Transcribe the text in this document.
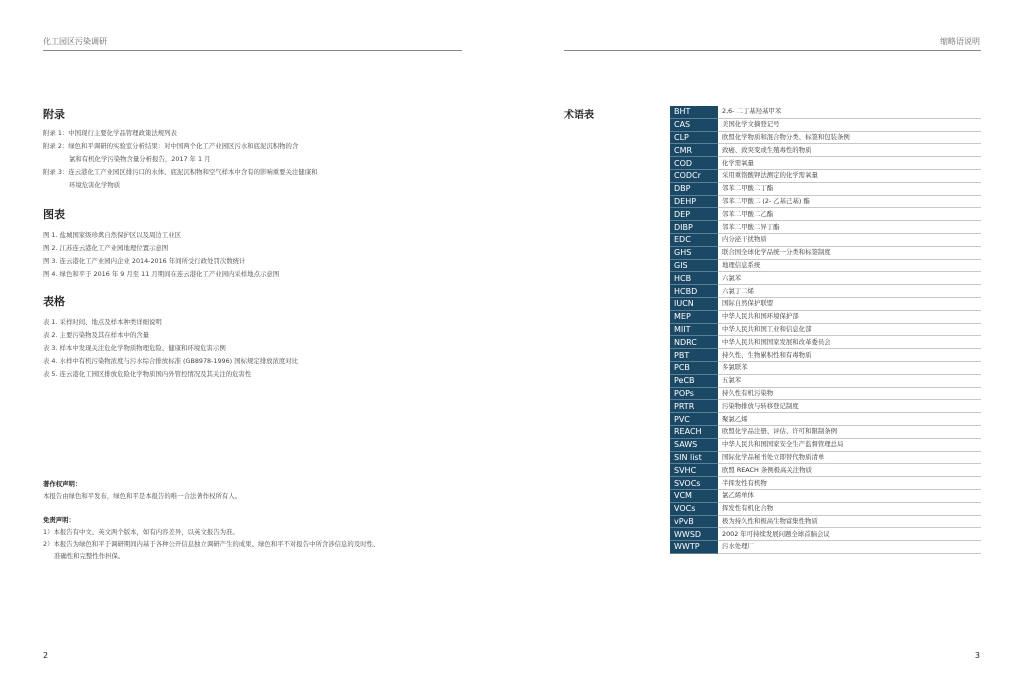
化工园区污染调研	缩略语说明
附录
附录 1：中国现行主要化学品管理政策法规列表
附录 2：绿色和平调研的实验室分析结果：对中国两个化工产业园区污水和底泥沉积物的含
氯和有机化学污染物含量分析报告，2017 年 1 月
附录 3：连云港化工产业园区排污口的水体、底泥沉积物和空气样本中含有的影响重要关注健康和
环境危害化学物质
图表
图 1. 盐城国家级珍禽自然保护区以及周边工业区
图 2. 江苏连云港化工产业园地理位置示意图
图 3. 连云港化工产业园内企业 2014-2016 年间所受行政处罚次数统计
图 4. 绿色和平于 2016 年 9 月至 11 月期间在连云港化工产业园内采样地点示意图
表格
表 1. 采样时间、地点及样本种类详细说明
表 2. 主要污染物及其在样本中的含量
表 3. 样本中发现关注危化学物质物理危险、健康和环境危害示例
表 4. 水样中有机污染物浓度与污水综合排放标准 (GB8978-1996) 国标规定排放浓度对比
表 5. 连云港化工园区排放危险化学物质国内外管控情况及其关注的危害性
著作权声明：
本报告由绿色和平发布，绿色和平是本报告的唯一合法著作权所有人。
免责声明：
1）本报告有中文、英文两个版本，如有内容差异，以英文报告为准。
2）本报告为绿色和平于调研期间内基于各种公开信息独立调研产生的成果。绿色和平不对报告中所含涉信息的及时性、
准确性和完整性作担保。
术语表	BHT	2,6- 二丁基羟基甲苯
CAS	美国化学文摘登记号
CLP	欧盟化学物质和混合物分类、标签和包装条例
CMR	致癌、致突变或生殖毒性的物质
COD	化学需氧量
CODCr	采用重铬酸钾法测定的化学需氧量
DBP	邻苯二甲酸二丁酯
DEHP	邻苯二甲酸二 (2- 乙基己基) 酯
DEP	邻苯二甲酸二乙酯
DIBP	邻苯二甲酸二异丁酯
EDC	内分泌干扰物质
GHS	联合国全球化学品统一分类和标签制度
GIS	地理信息系统
HCB	六氯苯
HCBD	六氯丁二烯
IUCN	国际自然保护联盟
MEP	中华人民共和国环境保护部
MIIT	中华人民共和国工业和信息化部
NDRC	中华人民共和国国家发展和改革委员会
PBT	持久性、生物累积性和有毒物质
PCB	多氯联苯
PeCB	五氯苯
POPs	持久性有机污染物
PRTR	污染物排放与转移登记制度
PVC	聚氯乙烯
REACH	欧盟化学品注册、评估、许可和限制条例
SAWS	中华人民共和国国家安全生产监督管理总局
SIN list	国际化学品秘书处立即替代物质清单
SVHC	欧盟 REACH 条例极高关注物质
SVOCs	半挥发性有机物
VCM	氯乙烯单体
VOCs	挥发性有机化合物
vPvB	极为持久性和极高生物富集性物质
WWSD	2002 年可持续发展问题全球首脑会议
WWTP	污水处理厂
2	3
